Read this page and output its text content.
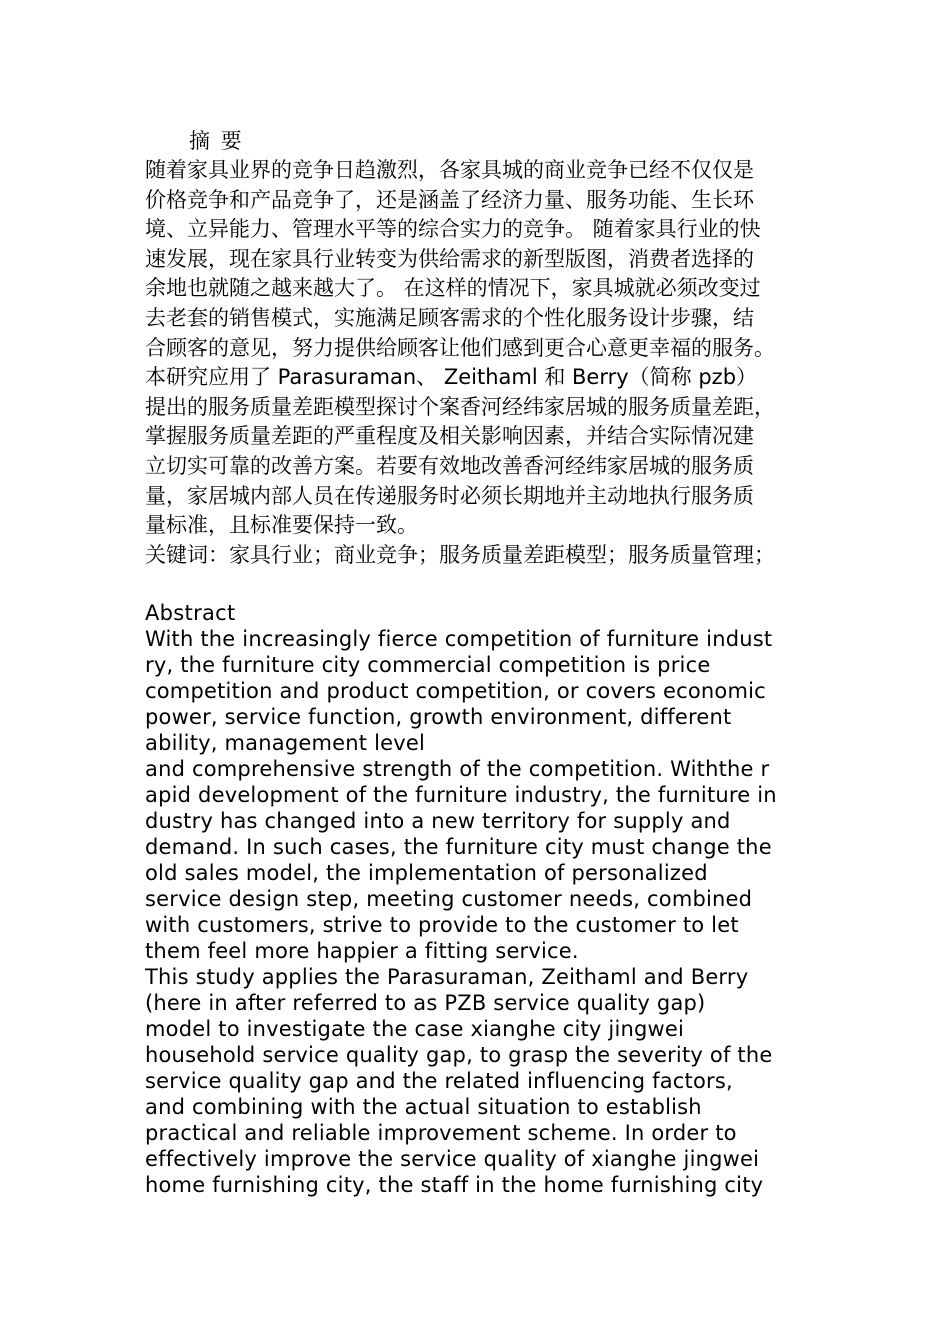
摘 要
随着家具业界的竞争日趋激烈，各家具城的商业竞争已经不仅仅是
价格竞争和产品竞争了，还是涵盖了经济力量、服务功能、生长环
境、立异能力、管理水平等的综合实力的竞争。 随着家具行业的快
速发展，现在家具行业转变为供给需求的新型版图，消费者选择的
余地也就随之越来越大了。 在这样的情况下，家具城就必须改变过
去老套的销售模式，实施满足顾客需求的个性化服务设计步骤，结
合顾客的意见，努力提供给顾客让他们感到更合心意更幸福的服务。
本研究应用了 Parasuraman、 Zeithaml 和 Berry（简称 pzb）
提出的服务质量差距模型探讨个案香河经纬家居城的服务质量差距，
掌握服务质量差距的严重程度及相关影响因素，并结合实际情况建
立切实可靠的改善方案。若要有效地改善香河经纬家居城的服务质
量，家居城内部人员在传递服务时必须长期地并主动地执行服务质
量标准，且标准要保持一致。
关键词：家具行业；商业竞争；服务质量差距模型；服务质量管理；
Abstract
With the increasingly fierce competition of furniture indust
ry, the furniture city commercial competition is price
competition and product competition, or covers economic
power, service function, growth environment, different
ability, management level
and comprehensive strength of the competition. Withthe r
apid development of the furniture industry, the furniture in
dustry has changed into a new territory for supply and
demand. In such cases, the furniture city must change the
old sales model, the implementation of personalized
service design step, meeting customer needs, combined
with customers, strive to provide to the customer to let
them feel more happier a fitting service.
This study applies the Parasuraman, Zeithaml and Berry
(here in after referred to as PZB service quality gap)
model to investigate the case xianghe city jingwei
household service quality gap, to grasp the severity of the
service quality gap and the related influencing factors,
and combining with the actual situation to establish
practical and reliable improvement scheme. In order to
effectively improve the service quality of xianghe jingwei
home furnishing city, the staff in the home furnishing city
